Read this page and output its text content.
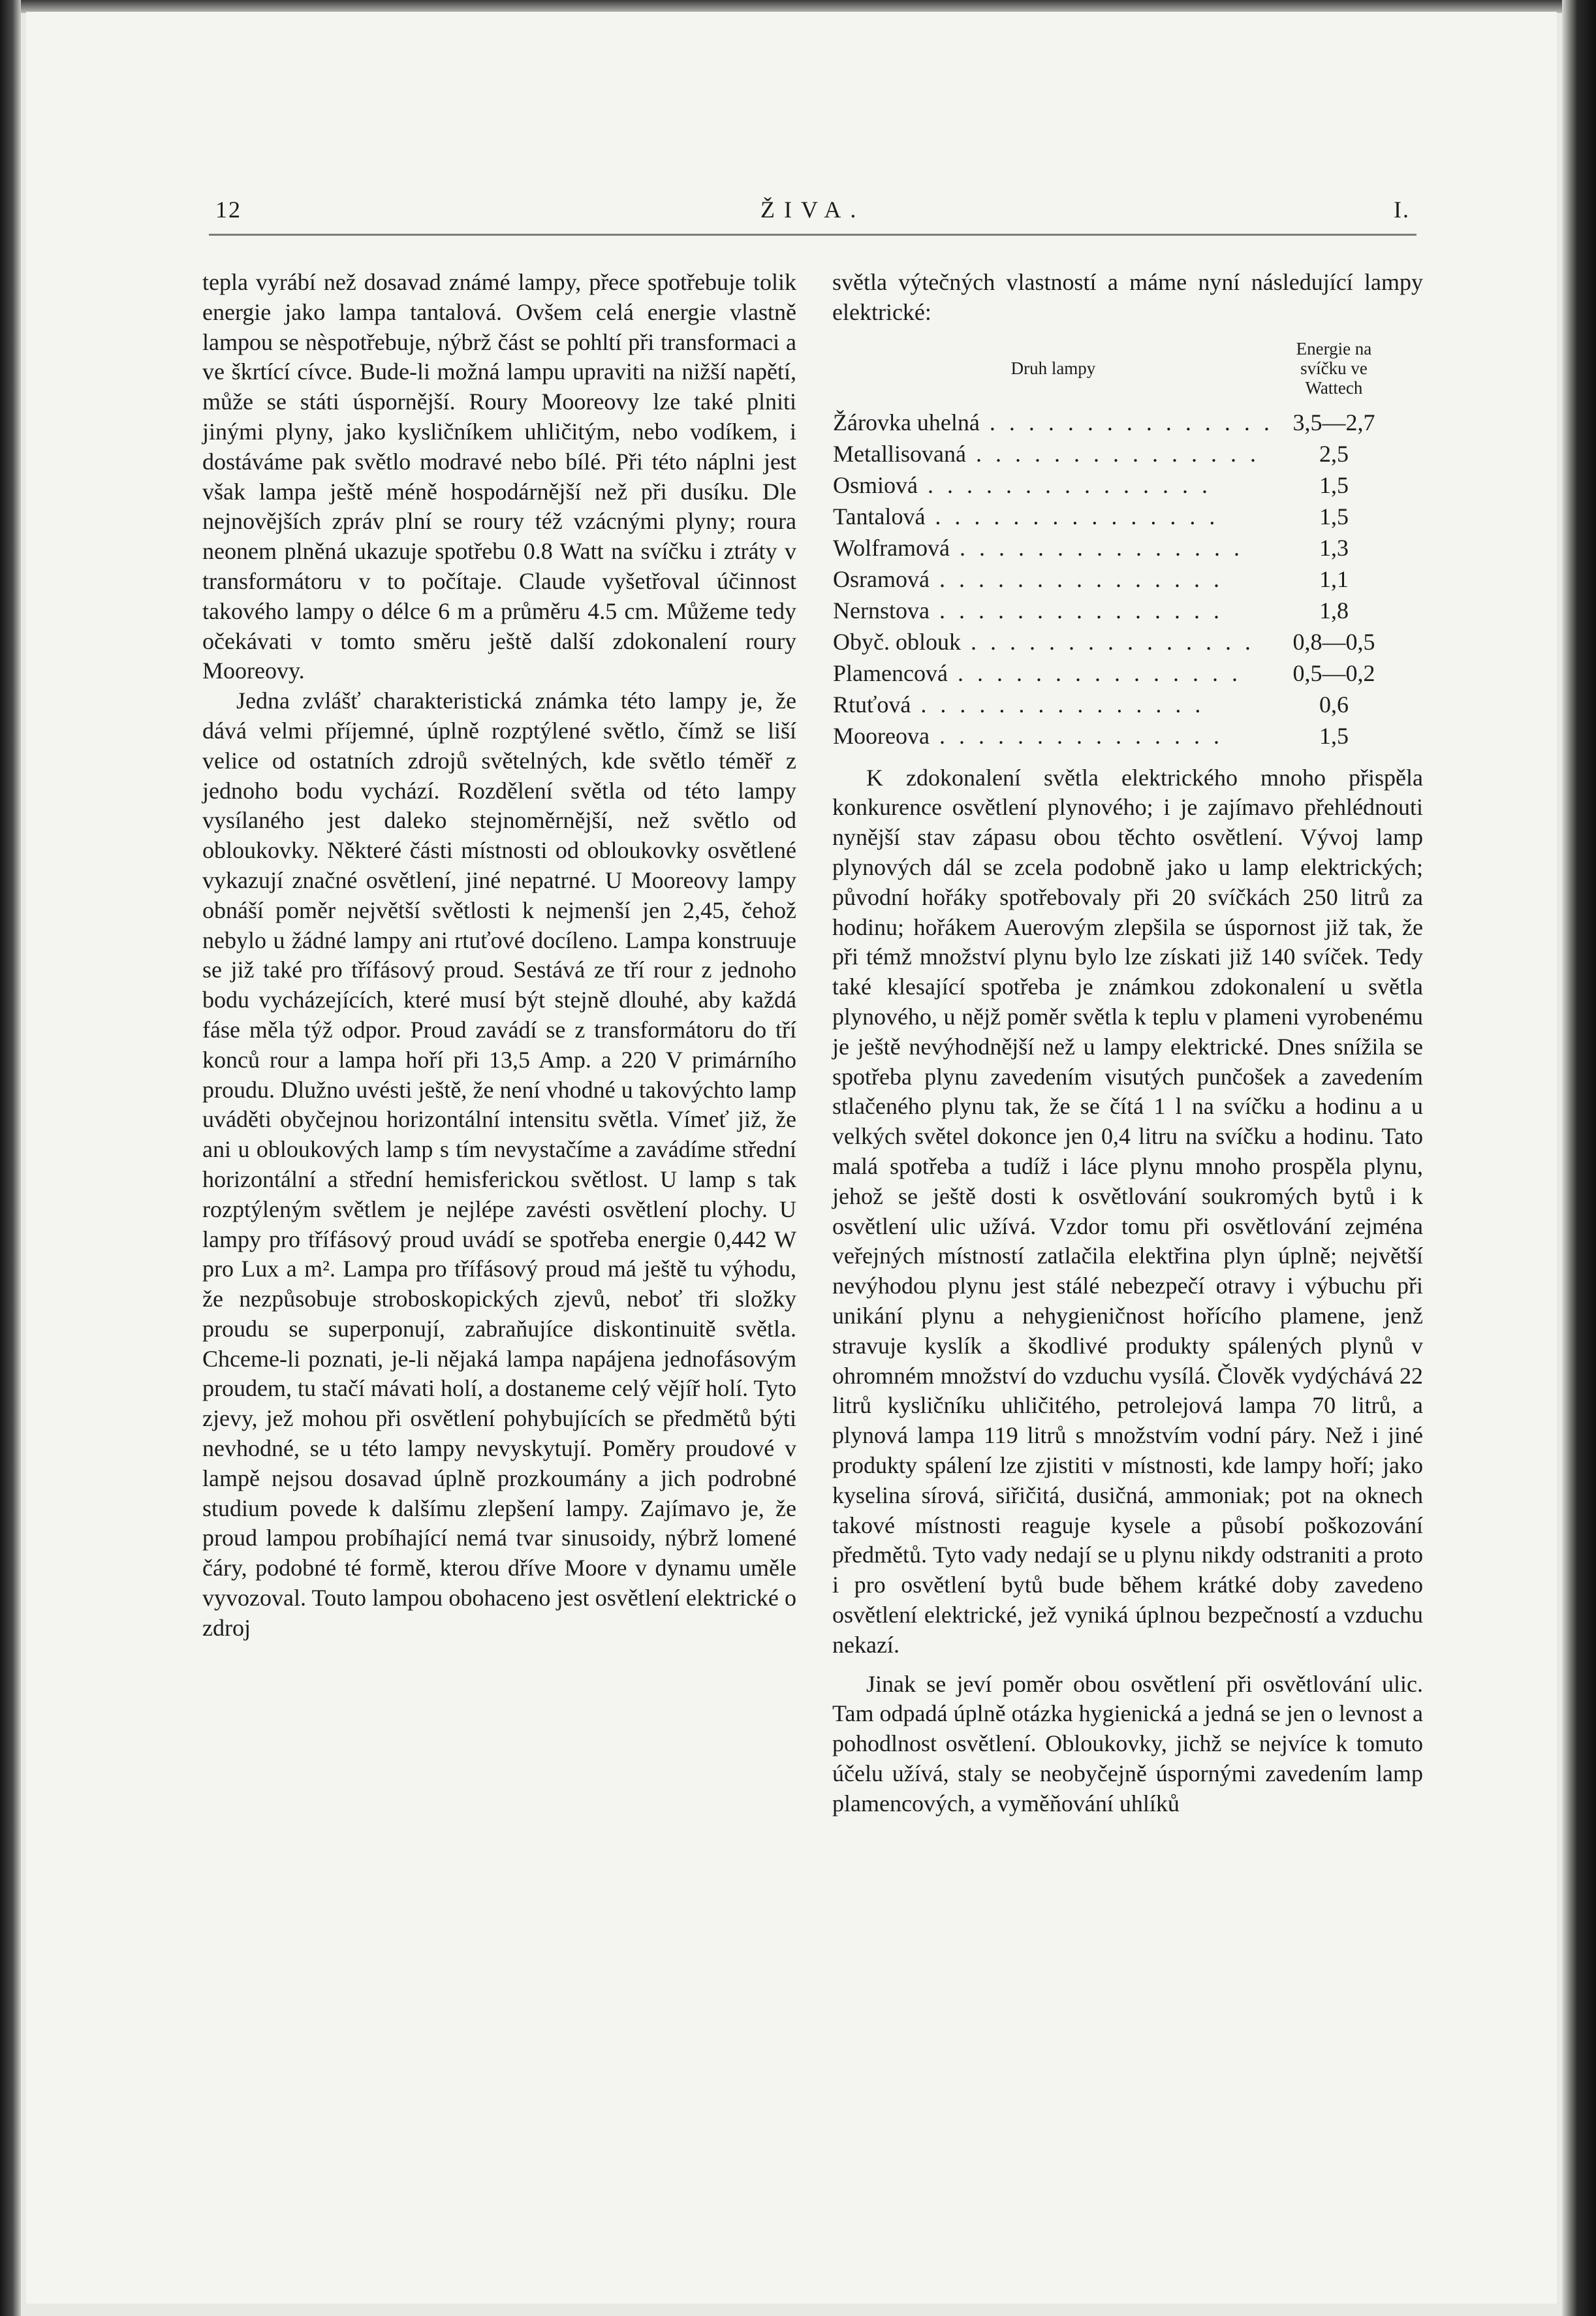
12	ŽIVA.	I.

tepla vyrábí než dosavad známé lampy, přece spotřebuje tolik energie jako lampa tantalová. Ovšem celá energie vlastně lampou se nèspotřebuje, nýbrž část se pohltí při transformaci a ve škrtící cívce. Bude-li možná lampu upraviti na nižší napětí, může se státi úspornější. Roury Mooreovy lze také plniti jinými plyny, jako kysličníkem uhličitým, nebo vodíkem, i dostáváme pak světlo modravé nebo bílé. Při této náplni jest však lampa ještě méně hospodárnější než při dusíku. Dle nejnovějších zpráv plní se roury též vzácnými plyny; roura neonem plněná ukazuje spotřebu 0.8 Watt na svíčku i ztráty v transformátoru v to počítaje. Claude vyšetřoval účinnost takového lampy o délce 6 m a průměru 4.5 cm. Můžeme tedy očekávati v tomto směru ještě další zdokonalení roury Mooreovy.

Jedna zvlášť charakteristická známka této lampy je, že dává velmi příjemné, úplně rozptýlené světlo, čímž se liší velice od ostatních zdrojů světelných, kde světlo téměř z jednoho bodu vychází. Rozdělení světla od této lampy vysílaného jest daleko stejnoměrnější, než světlo od obloukovky. Některé části místnosti od obloukovky osvětlené vykazují značné osvětlení, jiné nepatrné. U Mooreovy lampy obnáší poměr největší světlosti k nejmenší jen 2,45, čehož nebylo u žádné lampy ani rtuťové docíleno. Lampa konstruuje se již také pro třífásový proud. Sestává ze tří rour z jednoho bodu vycházejících, které musí být stejně dlouhé, aby každá fáse měla týž odpor. Proud zavádí se z transformátoru do tří konců rour a lampa hoří při 13,5 Amp. a 220 V primárního proudu. Dlužno uvésti ještě, že není vhodné u takovýchto lamp uváděti obyčejnou horizontální intensitu světla. Vímeť již, že ani u obloukových lamp s tím nevystačíme a zavádíme střední horizontální a střední hemisferickou světlost. U lamp s tak rozptýleným světlem je nejlépe zavésti osvětlení plochy. U lampy pro třífásový proud uvádí se spotřeba energie 0,442 W pro Lux a m². Lampa pro třífásový proud má ještě tu výhodu, že nezpůsobuje stroboskopických zjevů, neboť tři složky proudu se superponují, zabraňujíce diskontinuitě světla. Chceme-li poznati, je-li nějaká lampa napájena jednofásovým proudem, tu stačí mávati holí, a dostaneme celý vějíř holí. Tyto zjevy, jež mohou při osvětlení pohybujících se předmětů býti nevhodné, se u této lampy nevyskytují. Poměry proudové v lampě nejsou dosavad úplně prozkoumány a jich podrobné studium povede k dalšímu zlepšení lampy. Zajímavo je, že proud lampou probíhající nemá tvar sinusoidy, nýbrž lomené čáry, podobné té formě, kterou dříve Moore v dynamu uměle vyvozoval. Touto lampou obohaceno jest osvětlení elektrické o zdroj

světla výtečných vlastností a máme nyní následující lampy elektrické:

Druh lampy	Energie na svíčku ve Wattech
Žárovka uhelná . . . . . . . . . . . . . . .	3,5—2,7
Metallisovaná . . . . . . . . . . . . . . .	2,5
Osmiová . . . . . . . . . . . . . . .	1,5
Tantalová . . . . . . . . . . . . . . .	1,5
Wolframová . . . . . . . . . . . . . . .	1,3
Osramová . . . . . . . . . . . . . . .	1,1
Nernstova . . . . . . . . . . . . . . .	1,8
Obyč. oblouk . . . . . . . . . . . . . . .	0,8—0,5
Plamencová . . . . . . . . . . . . . . .	0,5—0,2
Rtuťová . . . . . . . . . . . . . . .	0,6
Mooreova . . . . . . . . . . . . . . .	1,5

K zdokonalení světla elektrického mnoho přispěla konkurence osvětlení plynového; i je zajímavo přehlédnouti nynější stav zápasu obou těchto osvětlení. Vývoj lamp plynových dál se zcela podobně jako u lamp elektrických; původní hořáky spotřebovaly při 20 svíčkách 250 litrů za hodinu; hořákem Auerovým zlepšila se úspornost již tak, že při témž množství plynu bylo lze získati již 140 svíček. Tedy také klesající spotřeba je známkou zdokonalení u světla plynového, u nějž poměr světla k teplu v plameni vyrobenému je ještě nevýhodnější než u lampy elektrické. Dnes snížila se spotřeba plynu zavedením visutých punčošek a zavedením stlačeného plynu tak, že se čítá 1 l na svíčku a hodinu a u velkých světel dokonce jen 0,4 litru na svíčku a hodinu. Tato malá spotřeba a tudíž i láce plynu mnoho prospěla plynu, jehož se ještě dosti k osvětlování soukromých bytů i k osvětlení ulic užívá. Vzdor tomu při osvětlování zejména veřejných místností zatlačila elektřina plyn úplně; největší nevýhodou plynu jest stálé nebezpečí otravy i výbuchu při unikání plynu a nehygieničnost hořícího plamene, jenž stravuje kyslík a škodlivé produkty spálených plynů v ohromném množství do vzduchu vysílá. Člověk vydýchává 22 litrů kysličníku uhličitého, petrolejová lampa 70 litrů, a plynová lampa 119 litrů s množstvím vodní páry. Než i jiné produkty spálení lze zjistiti v místnosti, kde lampy hoří; jako kyselina sírová, siřičitá, dusičná, ammoniak; pot na oknech takové místnosti reaguje kysele a působí poškozování předmětů. Tyto vady nedají se u plynu nikdy odstraniti a proto i pro osvětlení bytů bude během krátké doby zavedeno osvětlení elektrické, jež vyniká úplnou bezpečností a vzduchu nekazí.

Jinak se jeví poměr obou osvětlení při osvětlování ulic. Tam odpadá úplně otázka hygienická a jedná se jen o levnost a pohodlnost osvětlení. Obloukovky, jichž se nejvíce k tomuto účelu užívá, staly se neobyčejně úspornými zavedením lamp plamencových, a vyměňování uhlíků
